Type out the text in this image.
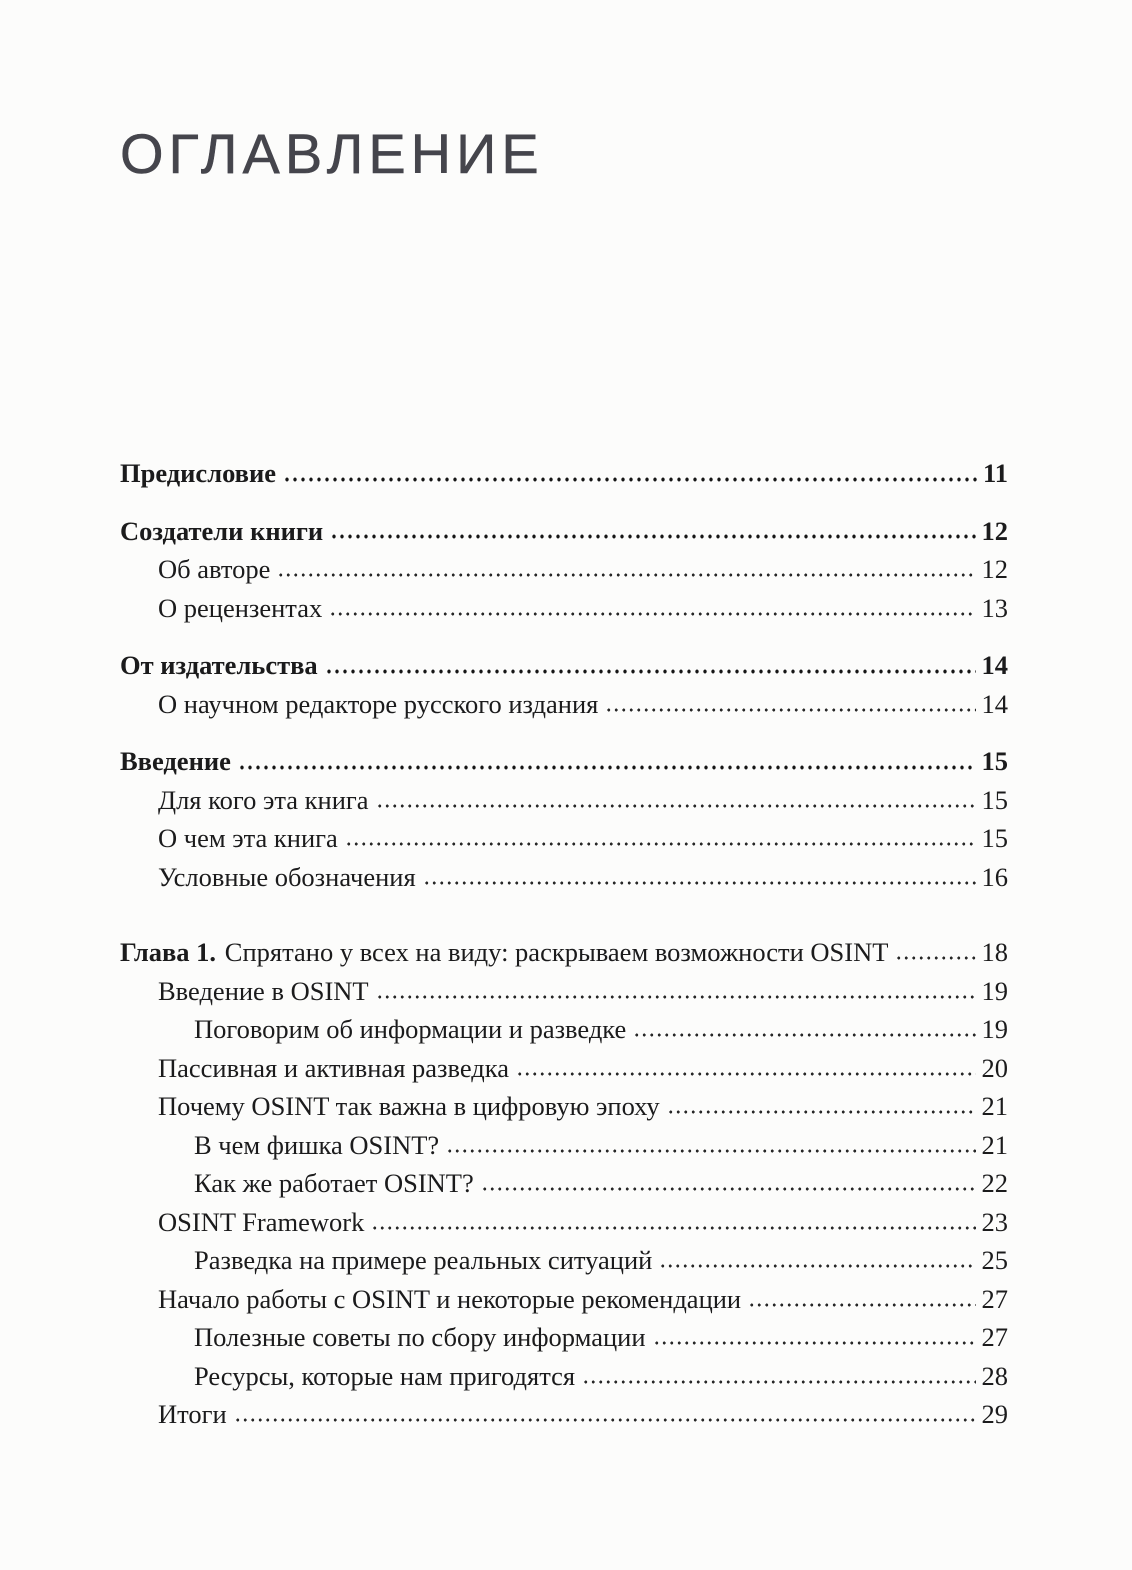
ОГЛАВЛЕНИЕ
Предисловие	11
Создатели книги	12
Об авторе	12
О рецензентах	13
От издательства	14
О научном редакторе русского издания	14
Введение	15
Для кого эта книга	15
О чем эта книга	15
Условные обозначения	16
Глава 1. Спрятано у всех на виду: раскрываем возможности OSINT	18
Введение в OSINT	19
Поговорим об информации и разведке	19
Пассивная и активная разведка	20
Почему OSINT так важна в цифровую эпоху	21
В чем фишка OSINT?	21
Как же работает OSINT?	22
OSINT Framework	23
Разведка на примере реальных ситуаций	25
Начало работы с OSINT и некоторые рекомендации	27
Полезные советы по сбору информации	27
Ресурсы, которые нам пригодятся	28
Итоги	29
